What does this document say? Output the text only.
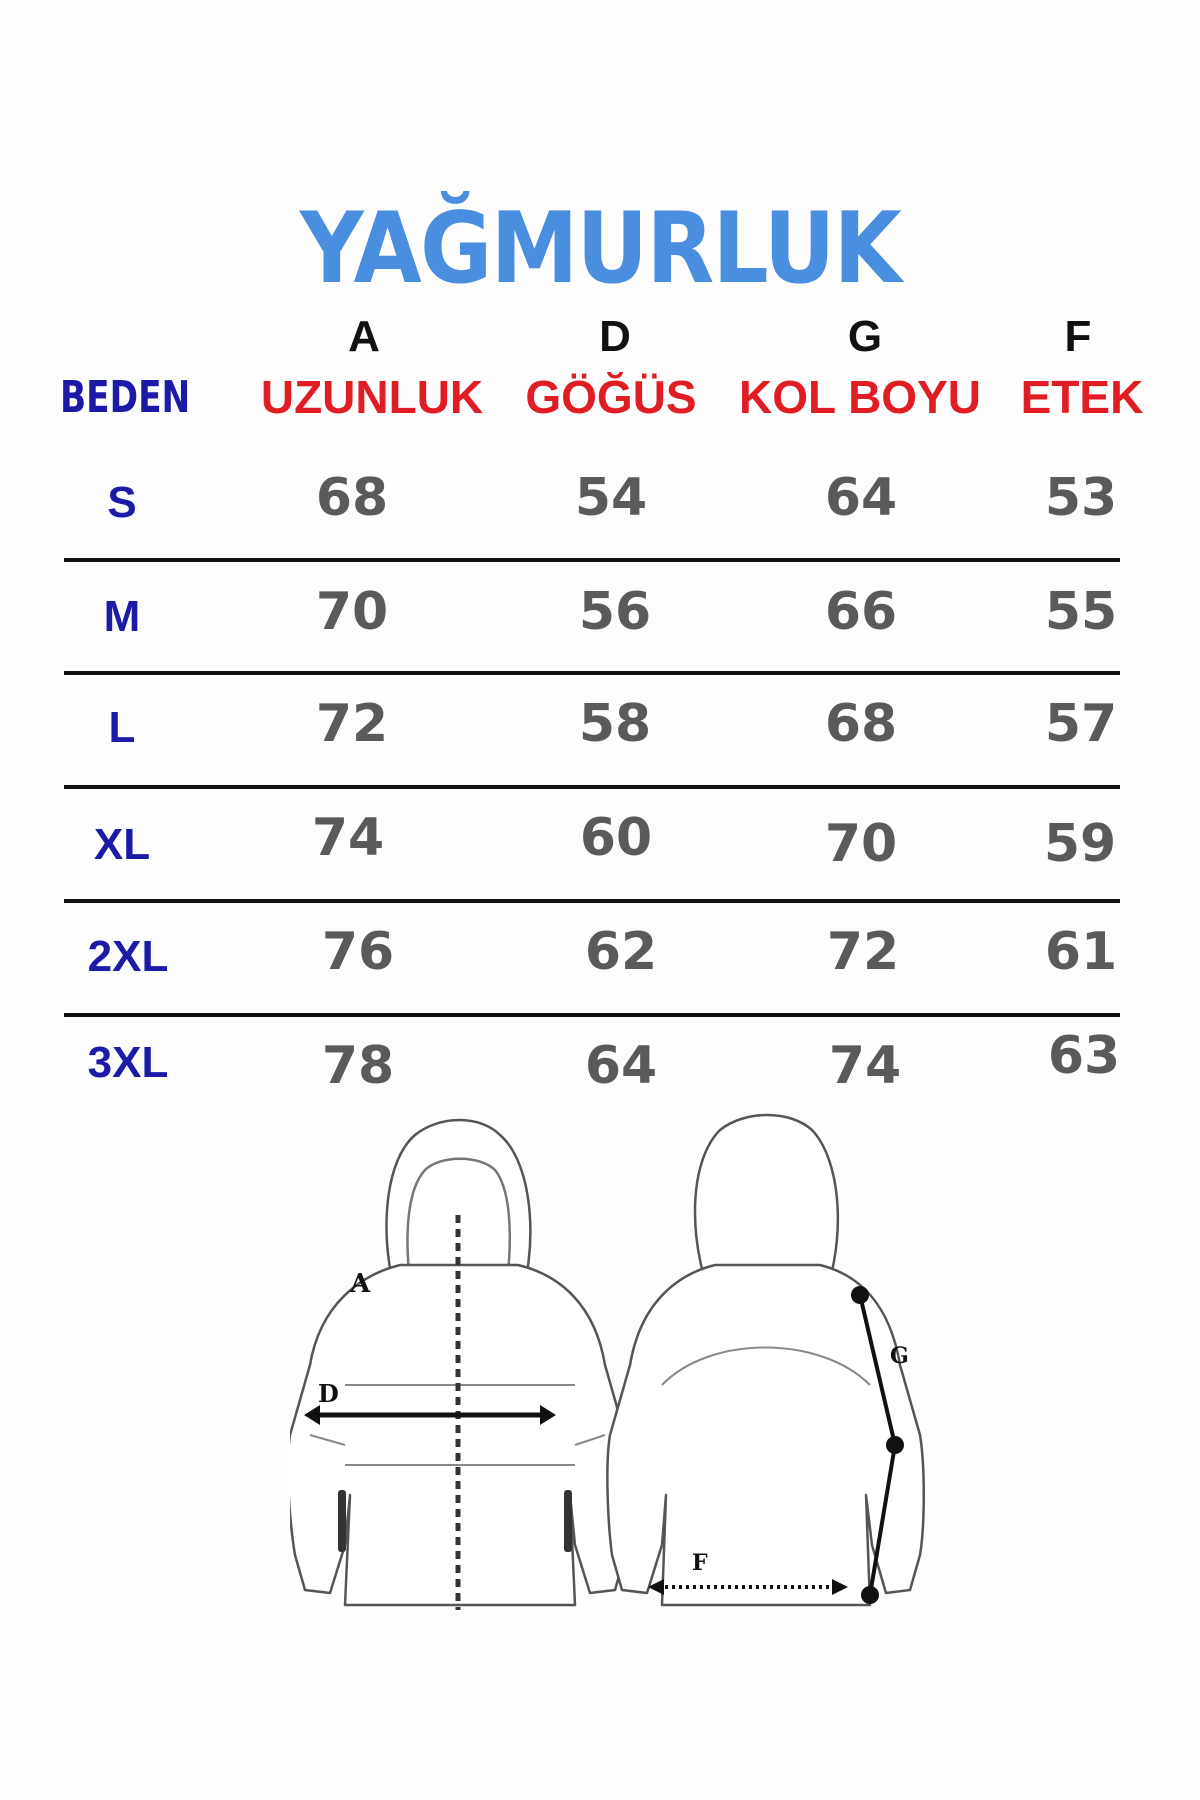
YAĞMURLUK
BEDEN
A	D	G	F
UZUNLUK GÖĞÜS KOL BOYU ETEK
S	68	54	64	53
M	70	56	66	55
L	72	58	68	57
XL	74	60	70	59
2XL	76	62	72	61
3XL	78	64	74	63
A
D
G
F
